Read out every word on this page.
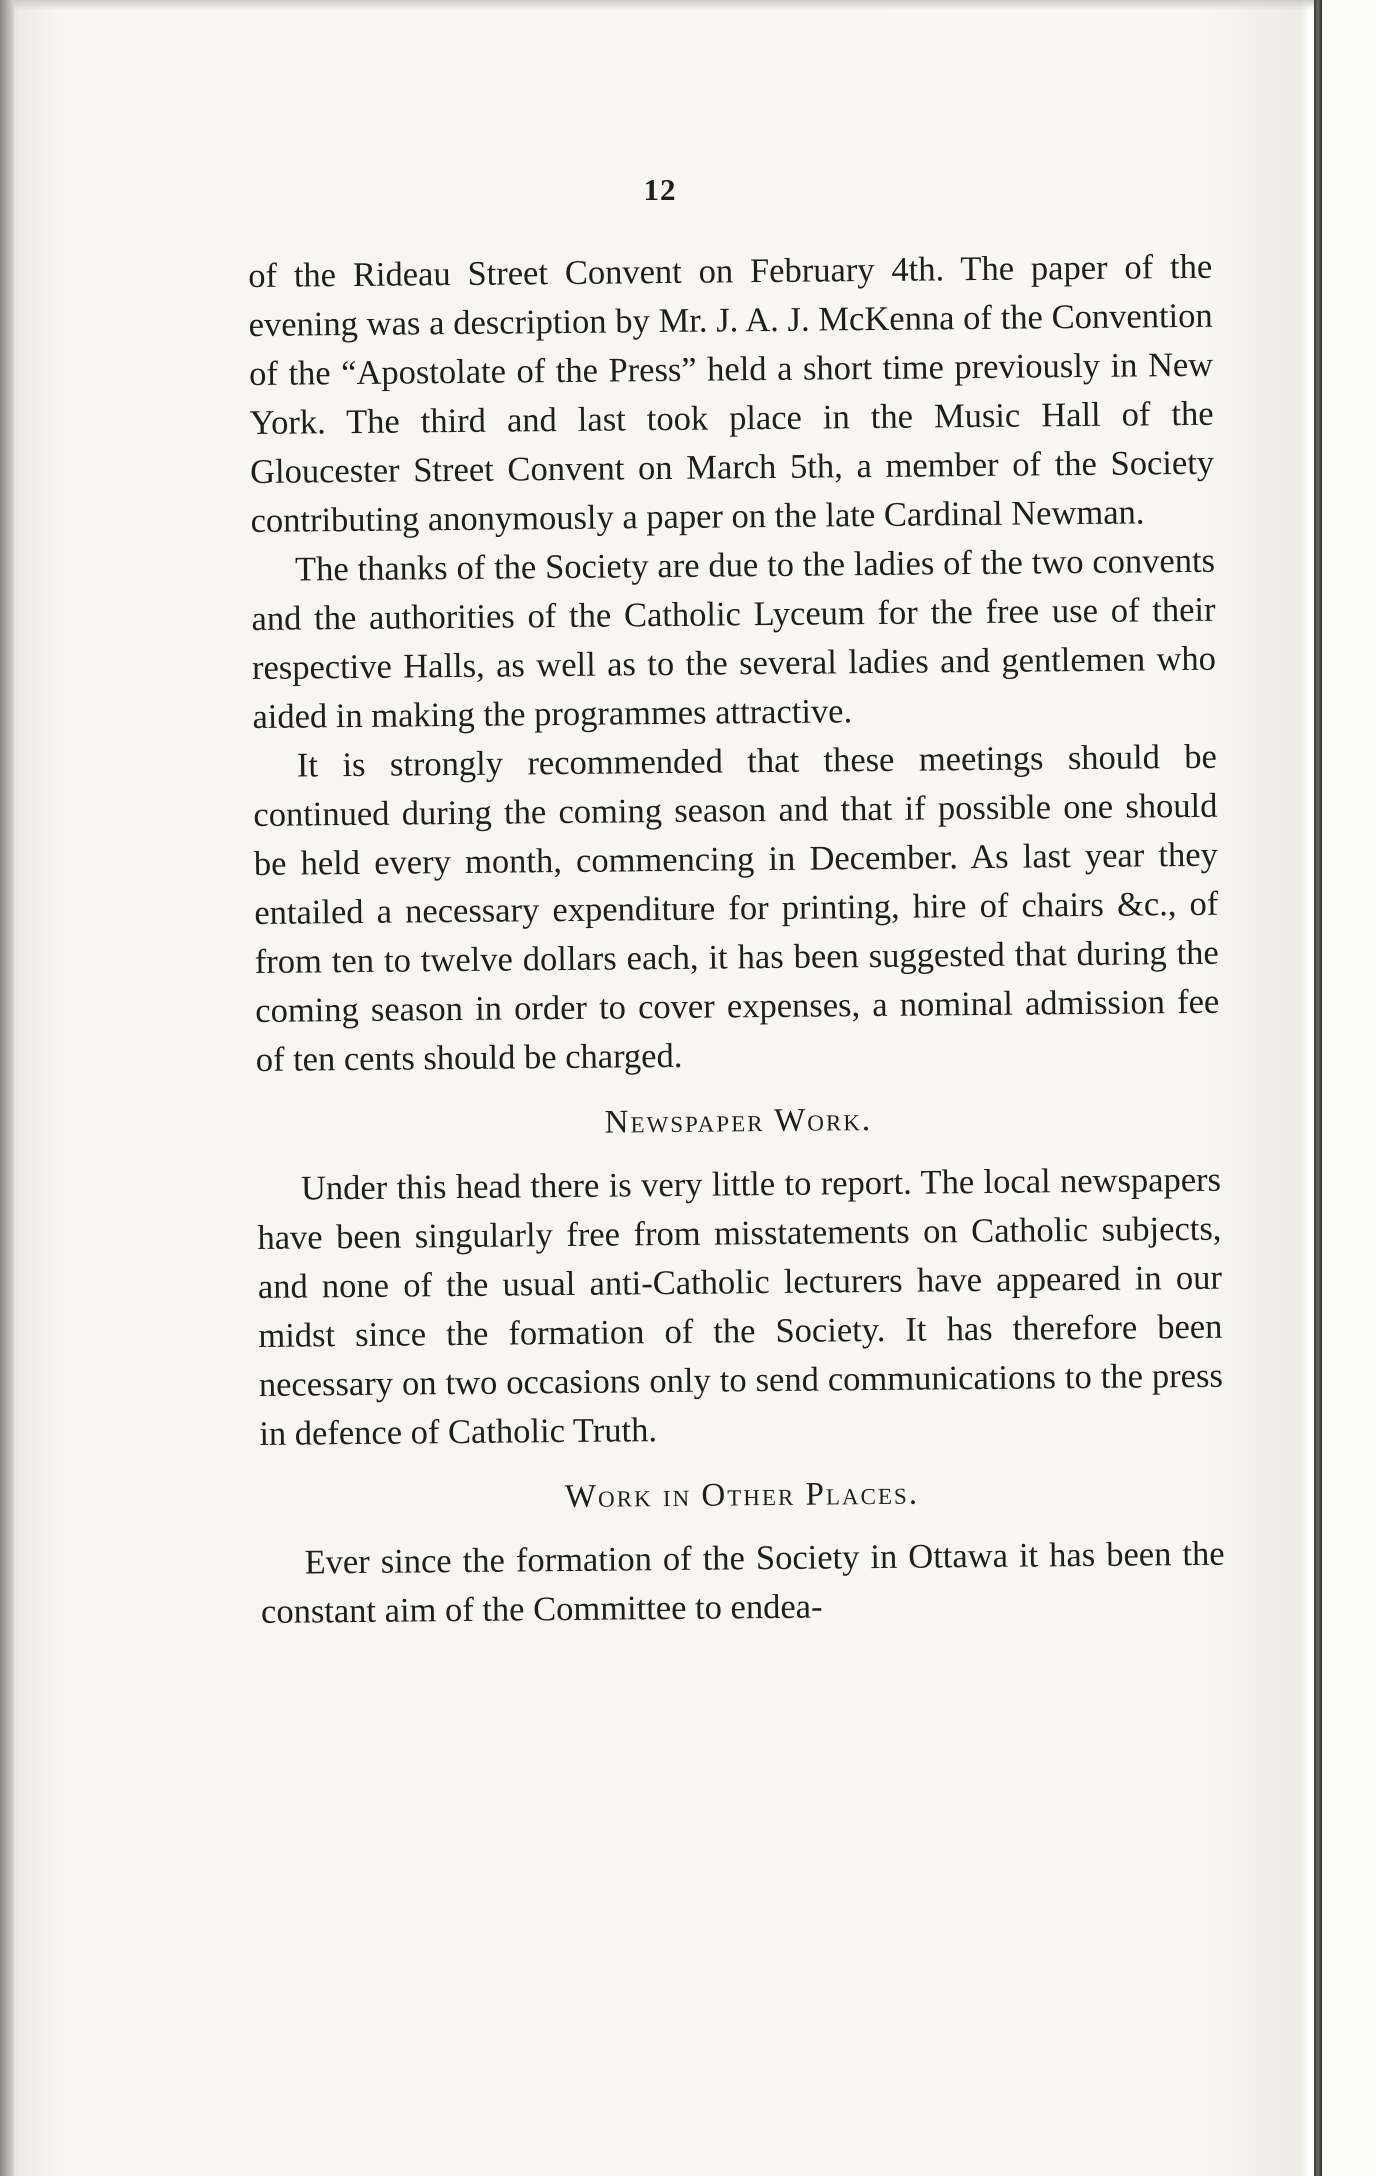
12

of the Rideau Street Convent on February 4th. The paper of the evening was a description by Mr. J. A. J. McKenna of the Convention of the “Apostolate of the Press” held a short time previously in New York. The third and last took place in the Music Hall of the Gloucester Street Convent on March 5th, a member of the Society contributing anonymously a paper on the late Cardinal Newman.

The thanks of the Society are due to the ladies of the two convents and the authorities of the Catholic Lyceum for the free use of their respective Halls, as well as to the several ladies and gentlemen who aided in making the programmes attractive.

It is strongly recommended that these meetings should be continued during the coming season and that if possible one should be held every month, commencing in December. As last year they entailed a necessary expenditure for printing, hire of chairs &c., of from ten to twelve dollars each, it has been suggested that during the coming season in order to cover expenses, a nominal admission fee of ten cents should be charged.

Newspaper Work.

Under this head there is very little to report. The local newspapers have been singularly free from misstatements on Catholic subjects, and none of the usual anti-Catholic lecturers have appeared in our midst since the formation of the Society. It has therefore been necessary on two occasions only to send communications to the press in defence of Catholic Truth.

Work in Other Places.

Ever since the formation of the Society in Ottawa it has been the constant aim of the Committee to endea-
